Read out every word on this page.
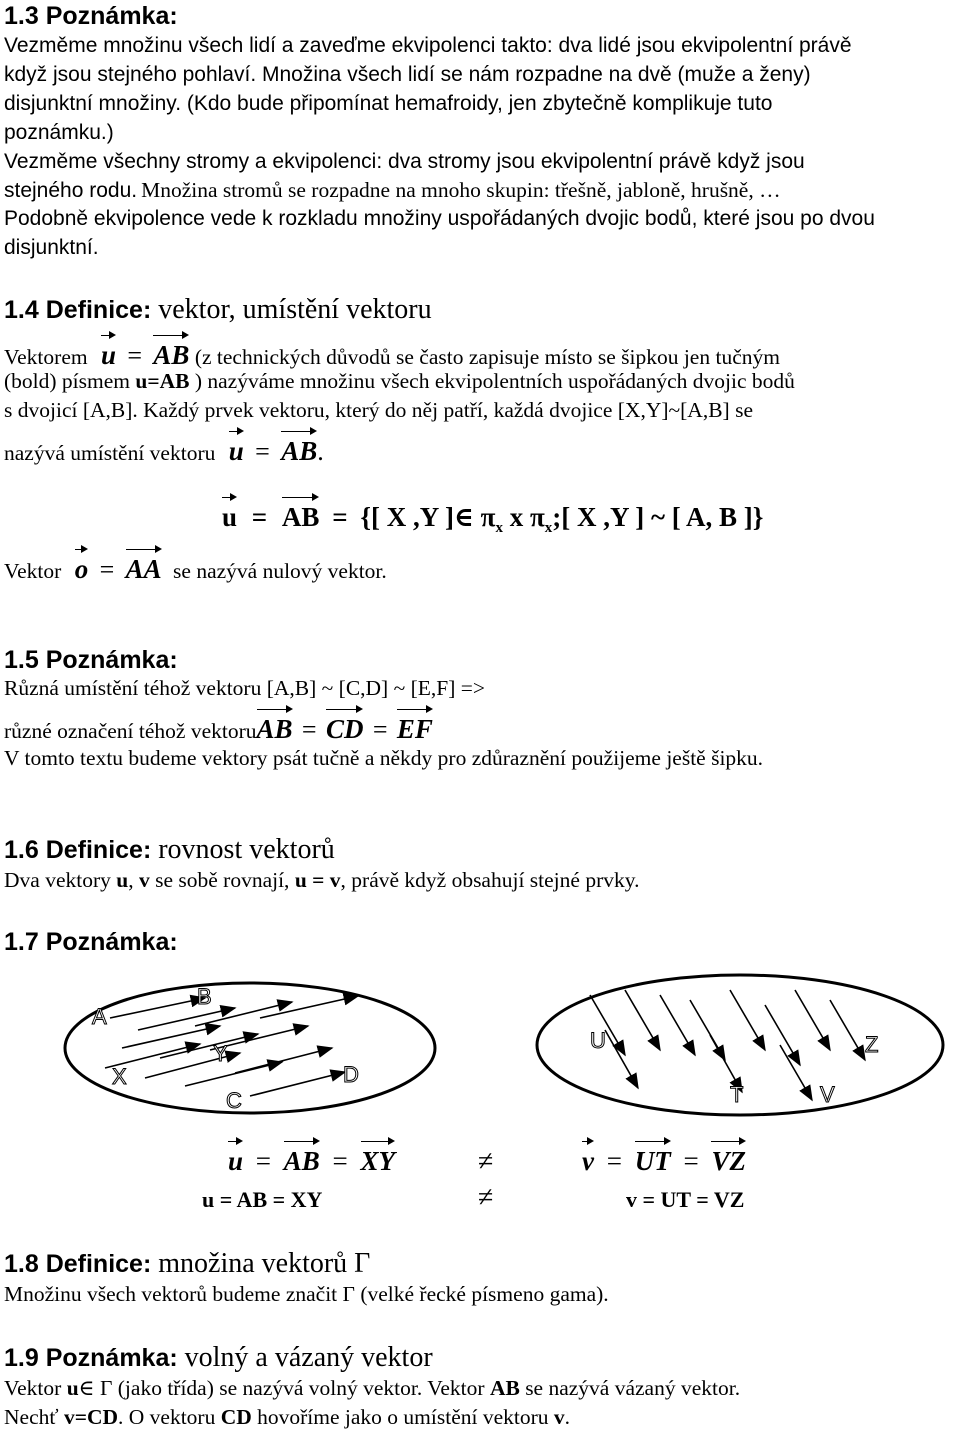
1.3 Poznámka:
Vezměme množinu všech lidí a zaveďme ekvipolenci takto: dva lidé jsou ekvipolentní právě
když jsou stejného pohlaví. Množina všech lidí se nám rozpadne na dvě (muže a ženy)
disjunktní množiny. (Kdo bude připomínat hemafroidy, jen zbytečně komplikuje tuto
poznámku.)
Vezměme všechny stromy a ekvipolenci: dva stromy jsou ekvipolentní právě když jsou
stejného rodu. Množina stromů se rozpadne na mnoho skupin: třešně, jabloně, hrušně, …
Podobně ekvipolence vede k rozkladu množiny uspořádaných dvojic bodů, které jsou po dvou
disjunktní.
1.4 Definice: vektor, umístění vektoru
Vektorem u = AB (z technických důvodů se často zapisuje místo se šipkou jen tučným
(bold) písmem u=AB ) nazýváme množinu všech ekvipolentních uspořádaných dvojic bodů
s dvojicí [A,B]. Každý prvek vektoru, který do něj patří, každá dvojice [X,Y]~[A,B] se
nazývá umístění vektoru u = AB.
u = AB = {[ X ,Y ]∈ $\pi_x$ x $\pi_x$;[ X ,Y ] ~ [ A, B ]}
Vektor o = AA se nazývá nulový vektor.
1.5 Poznámka:
Různá umístění téhož vektoru [A,B] ~ [C,D] ~ [E,F] =>
různé označení téhož vektoruAB = CD = EF
V tomto textu budeme vektory psát tučně a někdy pro zdůraznění použijeme ještě šipku.
1.6 Definice: rovnost vektorů
Dva vektory u, v se sobě rovnají, u = v, právě když obsahují stejné prvky.
1.7 Poznámka:
B
A
Y
X	D
C
U
T
Z
V
u = AB = XY	≠	v = UT = VZ
u = AB = XY	≠	v = UT = VZ
1.8 Definice: množina vektorů Γ
Množinu všech vektorů budeme značit Γ (velké řecké písmeno gama).
1.9 Poznámka: volný a vázaný vektor
Vektor u∈ Γ (jako třída) se nazývá volný vektor. Vektor AB se nazývá vázaný vektor.
Nechť v=CD. O vektoru CD hovoříme jako o umístění vektoru v.
